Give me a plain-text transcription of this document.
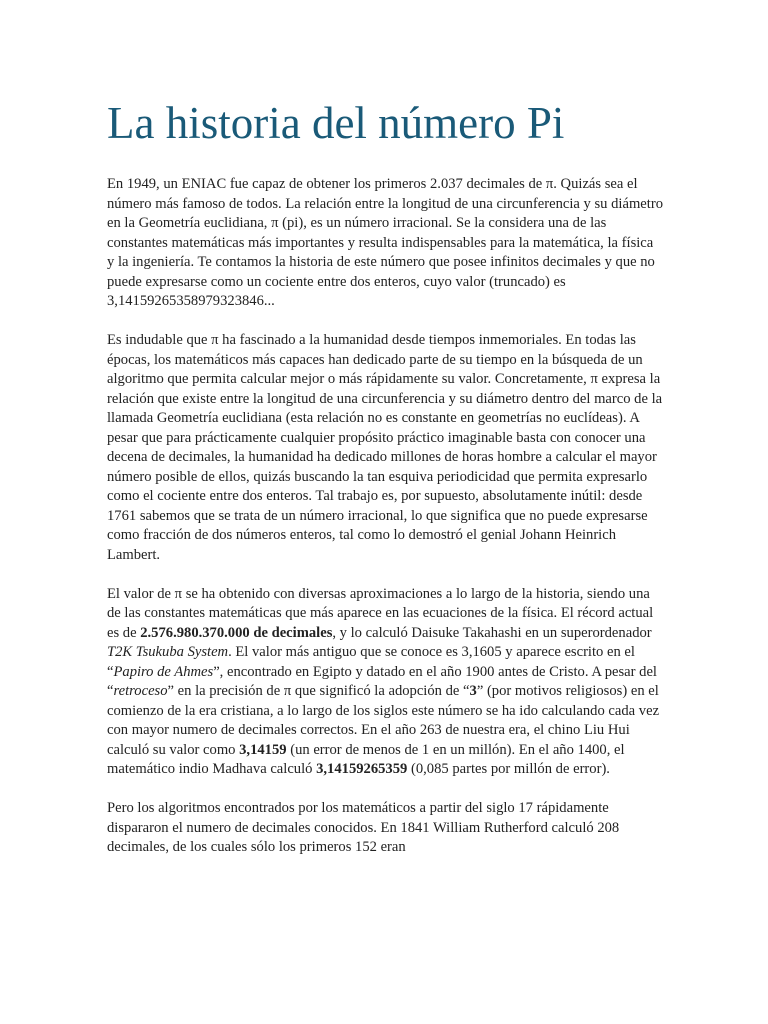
La historia del número Pi

En 1949, un ENIAC fue capaz de obtener los primeros 2.037 decimales de π. Quizás sea el número más famoso de todos. La relación entre la longitud de una circunferencia y su diámetro en la Geometría euclidiana, π (pi), es un número irracional. Se la considera una de las constantes matemáticas más importantes y resulta indispensables para la matemática, la física y la ingeniería. Te contamos la historia de este número que posee infinitos decimales y que no puede expresarse como un cociente entre dos enteros, cuyo valor (truncado) es 3,14159265358979323846...

Es indudable que π ha fascinado a la humanidad desde tiempos inmemoriales. En todas las épocas, los matemáticos más capaces han dedicado parte de su tiempo en la búsqueda de un algoritmo que permita calcular mejor o más rápidamente su valor. Concretamente, π expresa la relación que existe entre la longitud de una circunferencia y su diámetro dentro del marco de la llamada Geometría euclidiana (esta relación no es constante en geometrías no euclídeas). A pesar que para prácticamente cualquier propósito práctico imaginable basta con conocer una decena de decimales, la humanidad ha dedicado millones de horas hombre a calcular el mayor número posible de ellos, quizás buscando la tan esquiva periodicidad que permita expresarlo como el cociente entre dos enteros. Tal trabajo es, por supuesto, absolutamente inútil: desde 1761 sabemos que se trata de un número irracional, lo que significa que no puede expresarse como fracción de dos números enteros, tal como lo demostró el genial Johann Heinrich Lambert.

El valor de π se ha obtenido con diversas aproximaciones a lo largo de la historia, siendo una de las constantes matemáticas que más aparece en las ecuaciones de la física. El récord actual es de 2.576.980.370.000 de decimales, y lo calculó Daisuke Takahashi en un superordenador T2K Tsukuba System. El valor más antiguo que se conoce es 3,1605 y aparece escrito en el “Papiro de Ahmes”, encontrado en Egipto y datado en el año 1900 antes de Cristo. A pesar del “retroceso” en la precisión de π que significó la adopción de “3” (por motivos religiosos) en el comienzo de la era cristiana, a lo largo de los siglos este número se ha ido calculando cada vez con mayor numero de decimales correctos. En el año 263 de nuestra era, el chino Liu Hui calculó su valor como 3,14159 (un error de menos de 1 en un millón). En el año 1400, el matemático indio Madhava calculó 3,14159265359 (0,085 partes por millón de error).

Pero los algoritmos encontrados por los matemáticos a partir del siglo 17 rápidamente dispararon el numero de decimales conocidos. En 1841 William Rutherford calculó 208 decimales, de los cuales sólo los primeros 152 eran
